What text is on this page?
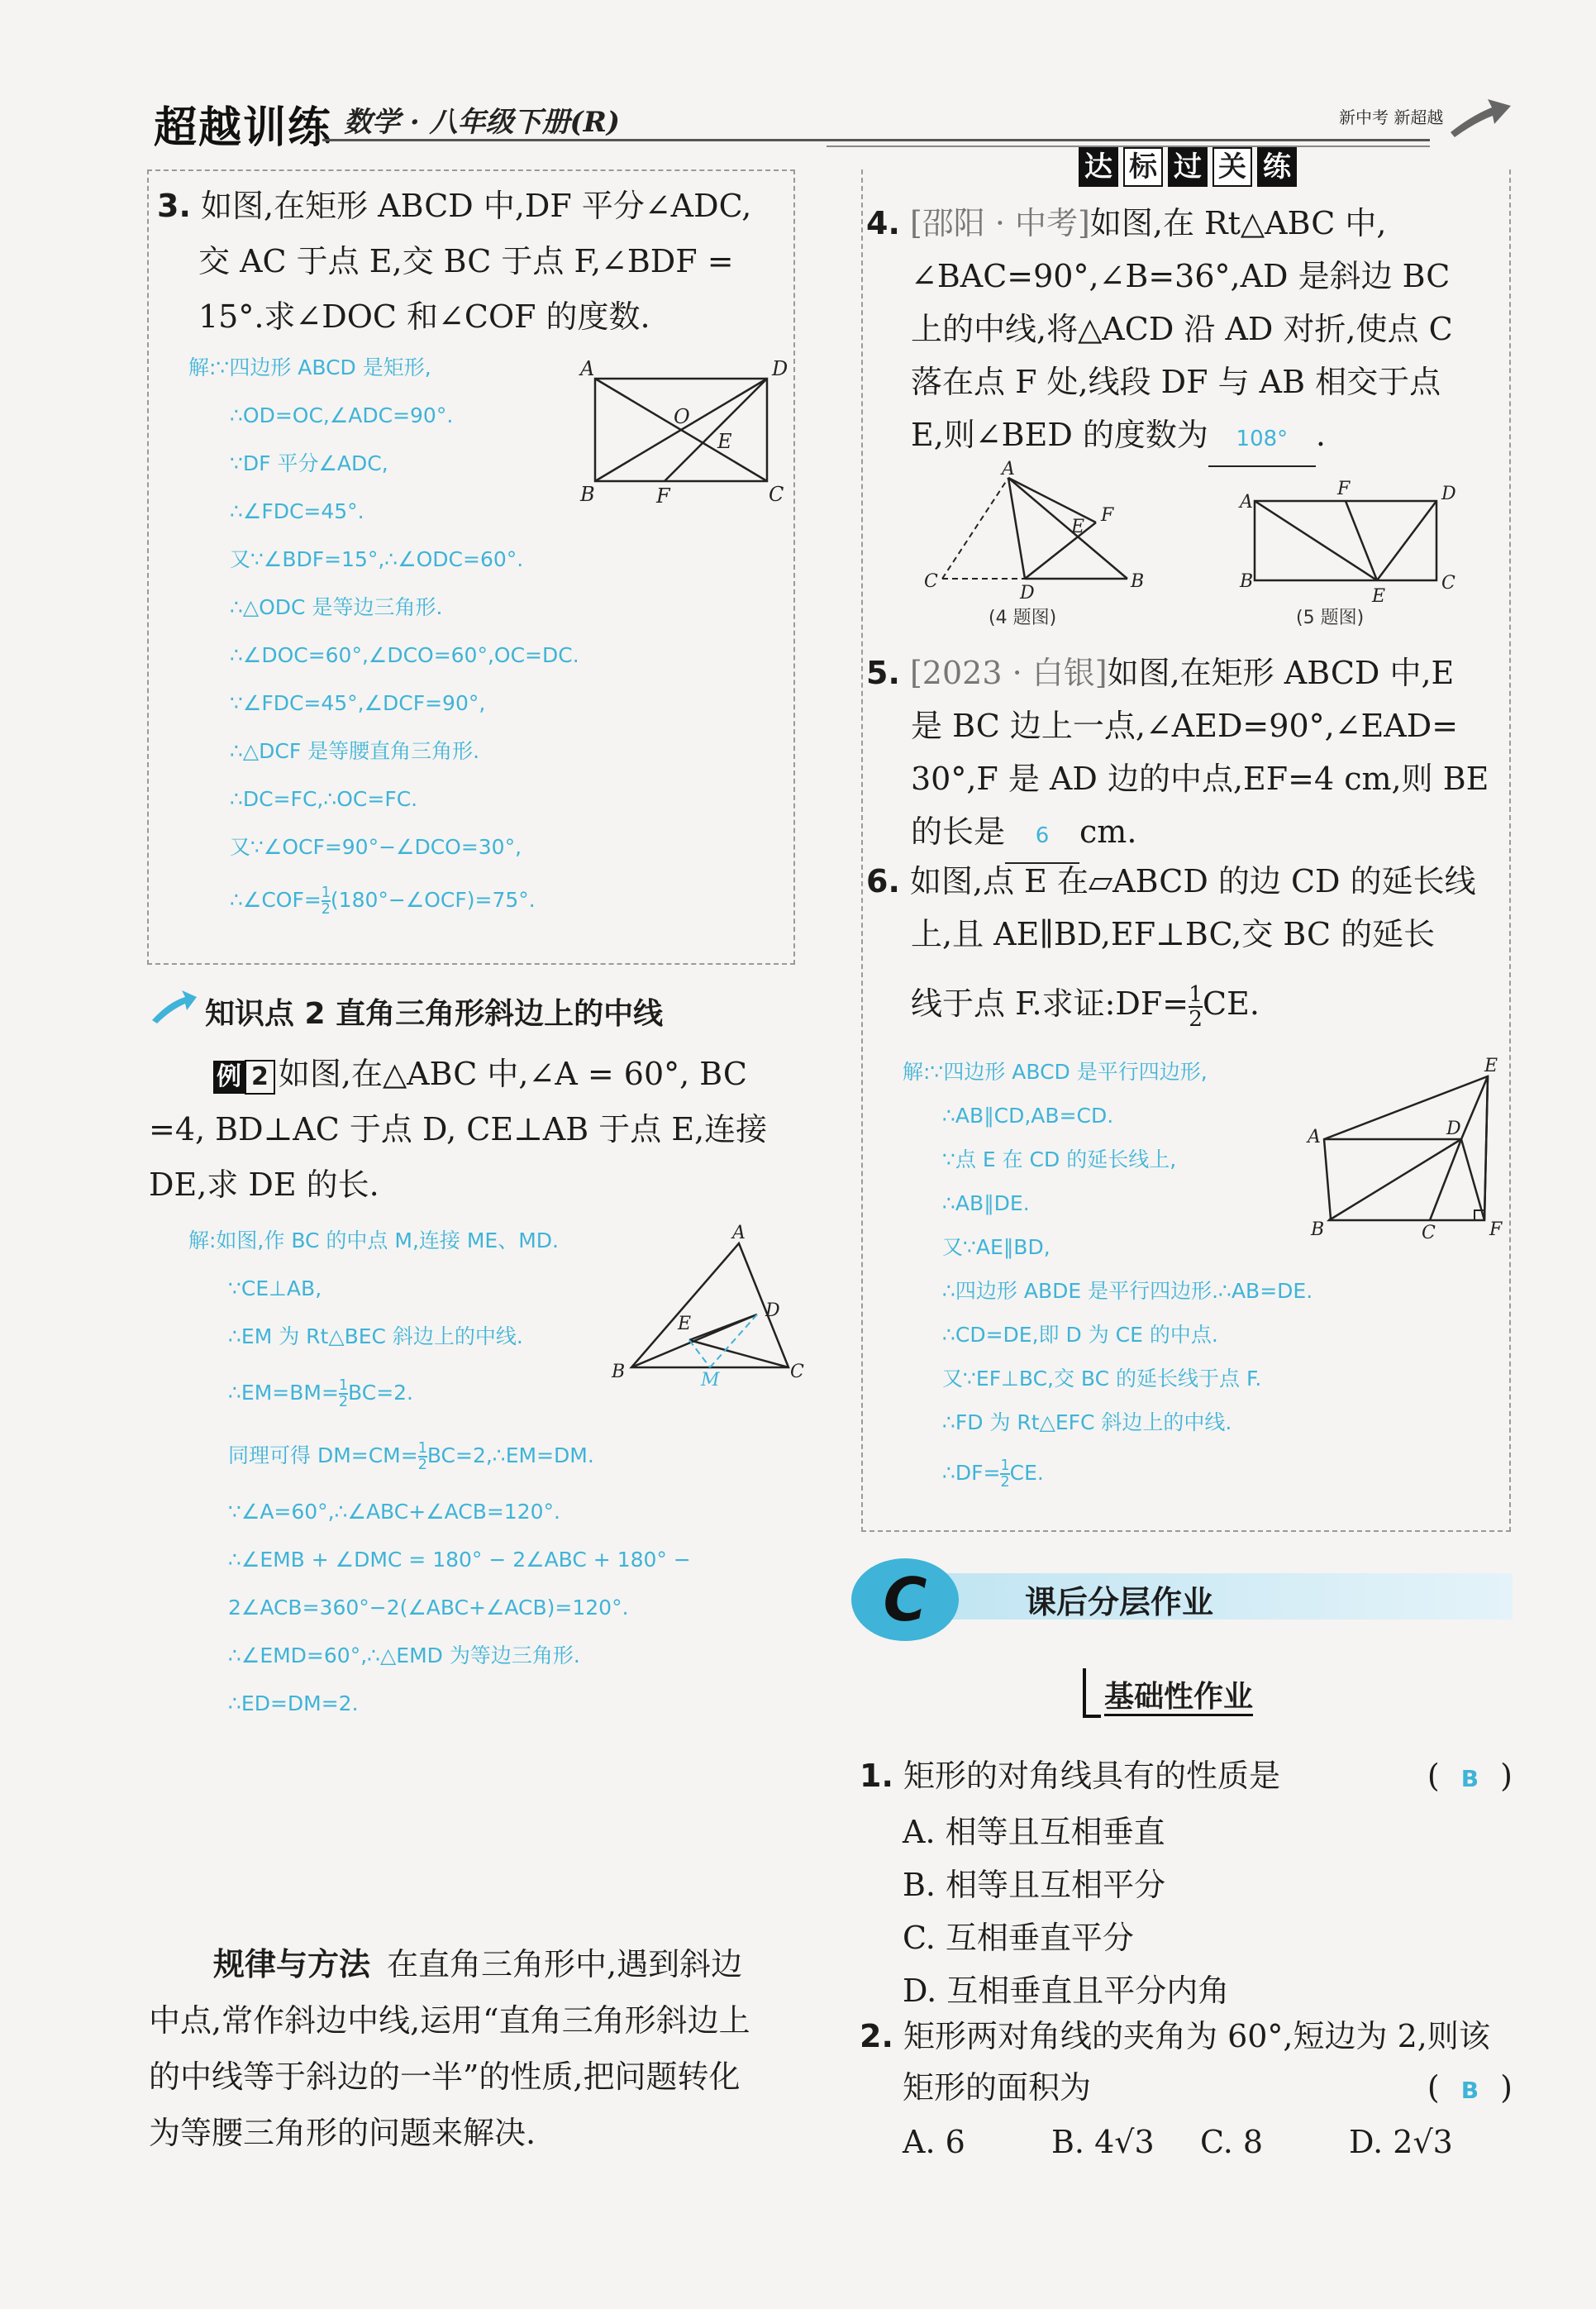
超越训练 数学 · 八年级下册(R)	新中考 新超越
3. 如图,在矩形 ABCD 中,DF 平分∠ADC,
交 AC 于点 E,交 BC 于点 F,∠BDF =
15°.求∠DOC 和∠COF 的度数.
解:∵四边形 ABCD 是矩形,
∴OD=OC,∠ADC=90°.
∵DF 平分∠ADC,
∴∠FDC=45°.
又∵∠BDF=15°,∴∠ODC=60°.
∴△ODC 是等边三角形.
∴∠DOC=60°,∠DCO=60°,OC=DC.
∵∠FDC=45°,∠DCF=90°,
∴△DCF 是等腰直角三角形.
∴DC=FC,∴OC=FC.
又∵∠OCF=90°−∠DCO=30°,
∴∠COF= $\frac{1}{2}$ (180°−∠OCF)=75°.
A	D
B	C
O
E
F
知识点 2 直角三角形斜边上的中线
例 2 如图,在△ABC 中,∠A = 60°, BC
=4, BD⊥AC 于点 D, CE⊥AB 于点 E,连接
DE,求 DE 的长.
解:如图,作 BC 的中点 M,连接 ME、MD.
∵CE⊥AB,
∴EM 为 Rt△BEC 斜边上的中线.
∴EM=BM= $\frac{1}{2} BC=2$.
同理可得 $DM=CM= \frac{1}{2}$ BC=2,∴EM=DM.
∵∠A=60°,∴∠ABC+∠ACB=120°.
∴∠EMB + ∠DMC = 180° − 2∠ABC + 180° −
2∠ACB=360°−2(∠ABC+∠ACB)=120°.
∴∠EMD=60°,∴△EMD 为等边三角形.
∴ED=DM=2.
A
B	C
D
E
M
规律与方法 在直角三角形中,遇到斜边
中点,常作斜边中线,运用“直角三角形斜边上
的中线等于斜边的一半”的性质,把问题转化
为等腰三角形的问题来解决.
达 标 过 关 练
4. [邵阳 · 中考]如图,在 Rt△ABC 中,
∠BAC=90°,∠B=36°,AD 是斜边 BC
上的中线,将△ACD 沿 AD 对折,使点 C
落在点 F 处,线段 DF 与 AB 相交于点
E,则∠BED 的度数为 108° .
A
C
D
B
E
F
(4 题图)
A
F	D
B
E
C
(5 题图)
5. [2023 · 白银]如图,在矩形 ABCD 中,E
是 BC 边上一点,∠AED=90°,∠EAD=
30°,F 是 AD 边的中点,EF=4 cm,则 BE
的长是 6 cm.
6. 如图,点 E 在▱ABCD 的边 CD 的延长线
上,且 AE∥BD,EF⊥BC,交 BC 的延长
线于点 F.求证:DF= $\frac{1}{2}$ CE.
解:∵四边形 ABCD 是平行四边形,
∴AB∥CD,AB=CD.
∵点 E 在 CD 的延长线上,
∴AB∥DE.
又∵AE∥BD,
∴四边形 ABDE 是平行四边形.∴AB=DE.
∴CD=DE,即 D 为 CE 的中点.
又∵EF⊥BC,交 BC 的延长线于点 F.
∴FD 为 Rt△EFC 斜边上的中线.
∴DF= $\frac{1}{2}$ CE.
E
A	D
B	C	F
C	课后分层作业
基础性作业
1. 矩形的对角线具有的性质是	( B )
A. 相等且互相垂直
B. 相等且互相平分
C. 互相垂直平分
D. 互相垂直且平分内角
2. 矩形两对角线的夹角为 60°,短边为 2,则该
矩形的面积为	( B )
A. 6	B. 4√3	C. 8	D. 2√3
